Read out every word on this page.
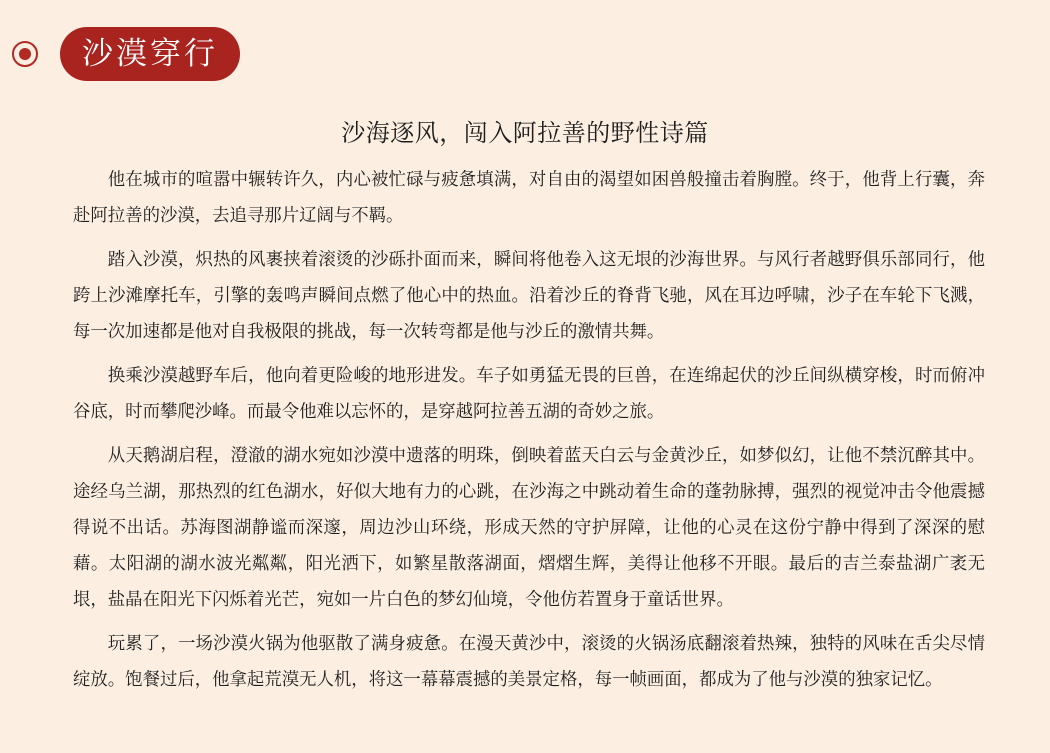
沙漠穿行
沙海逐风，闯入阿拉善的野性诗篇

他在城市的喧嚣中辗转许久，内心被忙碌与疲惫填满，对自由的渴望如困兽般撞击着胸膛。终于，他背上行囊，奔赴阿拉善的沙漠，去追寻那片辽阔与不羁。

踏入沙漠，炽热的风裹挟着滚烫的沙砾扑面而来，瞬间将他卷入这无垠的沙海世界。与风行者越野俱乐部同行，他跨上沙滩摩托车，引擎的轰鸣声瞬间点燃了他心中的热血。沿着沙丘的脊背飞驰，风在耳边呼啸，沙子在车轮下飞溅，每一次加速都是他对自我极限的挑战，每一次转弯都是他与沙丘的激情共舞。

换乘沙漠越野车后，他向着更险峻的地形进发。车子如勇猛无畏的巨兽，在连绵起伏的沙丘间纵横穿梭，时而俯冲谷底，时而攀爬沙峰。而最令他难以忘怀的，是穿越阿拉善五湖的奇妙之旅。

从天鹅湖启程，澄澈的湖水宛如沙漠中遗落的明珠，倒映着蓝天白云与金黄沙丘，如梦似幻，让他不禁沉醉其中。途经乌兰湖，那热烈的红色湖水，好似大地有力的心跳，在沙海之中跳动着生命的蓬勃脉搏，强烈的视觉冲击令他震撼得说不出话。苏海图湖静谧而深邃，周边沙山环绕，形成天然的守护屏障，让他的心灵在这份宁静中得到了深深的慰藉。太阳湖的湖水波光粼粼，阳光洒下，如繁星散落湖面，熠熠生辉，美得让他移不开眼。最后的吉兰泰盐湖广袤无垠，盐晶在阳光下闪烁着光芒，宛如一片白色的梦幻仙境，令他仿若置身于童话世界。

玩累了，一场沙漠火锅为他驱散了满身疲惫。在漫天黄沙中，滚烫的火锅汤底翻滚着热辣，独特的风味在舌尖尽情绽放。饱餐过后，他拿起荒漠无人机，将这一幕幕震撼的美景定格，每一帧画面，都成为了他与沙漠的独家记忆。
